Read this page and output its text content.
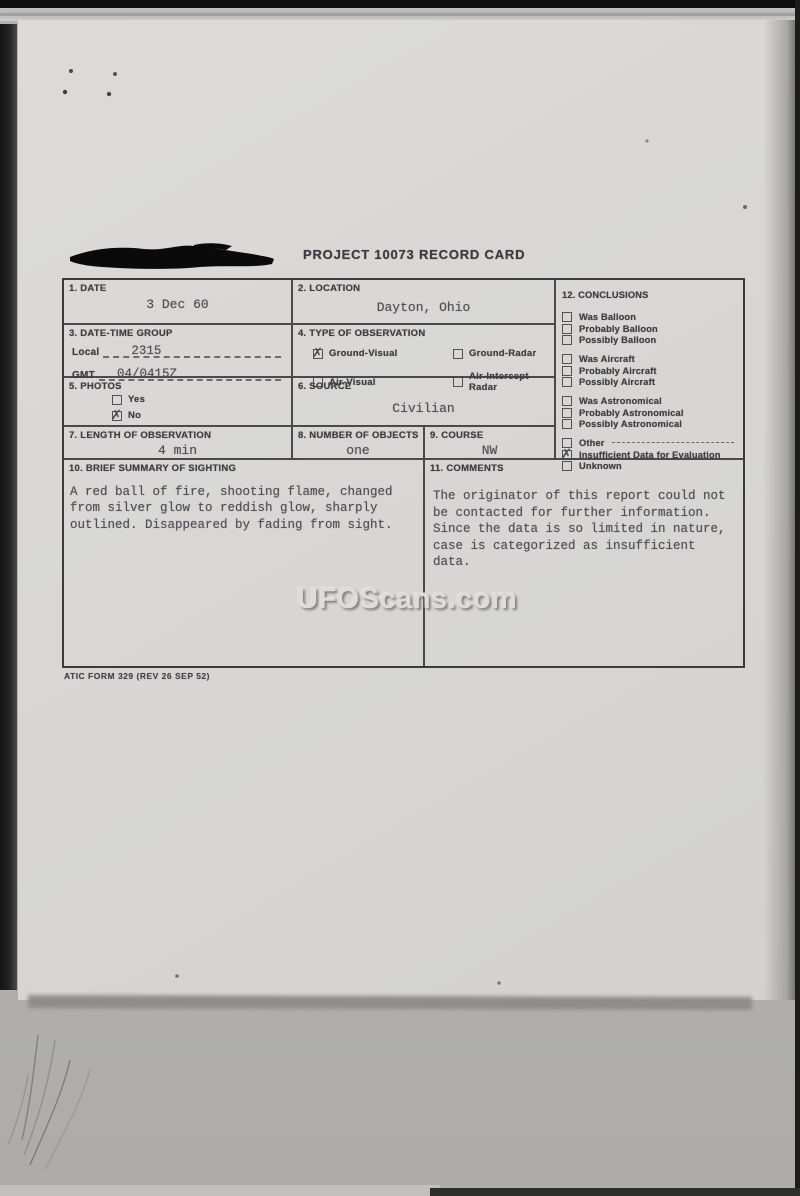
PROJECT 10073 RECORD CARD
1. DATE
3 Dec 60
2. LOCATION
Dayton, Ohio
3. DATE-TIME GROUP
Local	2315
GMT 04/0415Z
4. TYPE OF OBSERVATION
✗
Ground-Visual	Ground-Radar
Air-Visual	Air-Intercept Radar
5. PHOTOS
Yes
✗
No
6. SOURCE
Civilian
7. LENGTH OF OBSERVATION
4 min
8. NUMBER OF OBJECTS
one
9. COURSE
NW
12. CONCLUSIONS
Was Balloon
Probably Balloon
Possibly Balloon
Was Aircraft
Probably Aircraft
Possibly Aircraft
Was Astronomical
Probably Astronomical
Possibly Astronomical
Other
✗
Insufficient Data for Evaluation
Unknown
10. BRIEF SUMMARY OF SIGHTING
A red ball of fire, shooting flame, changed from silver glow to reddish glow, sharply outlined. Disappeared by fading from sight.
11. COMMENTS
The originator of this report could not be contacted for further information. Since the data is so limited in nature, case is categorized as insufficient data.
ATIC FORM 329 (REV 26 SEP 52)
UFOScans.com
